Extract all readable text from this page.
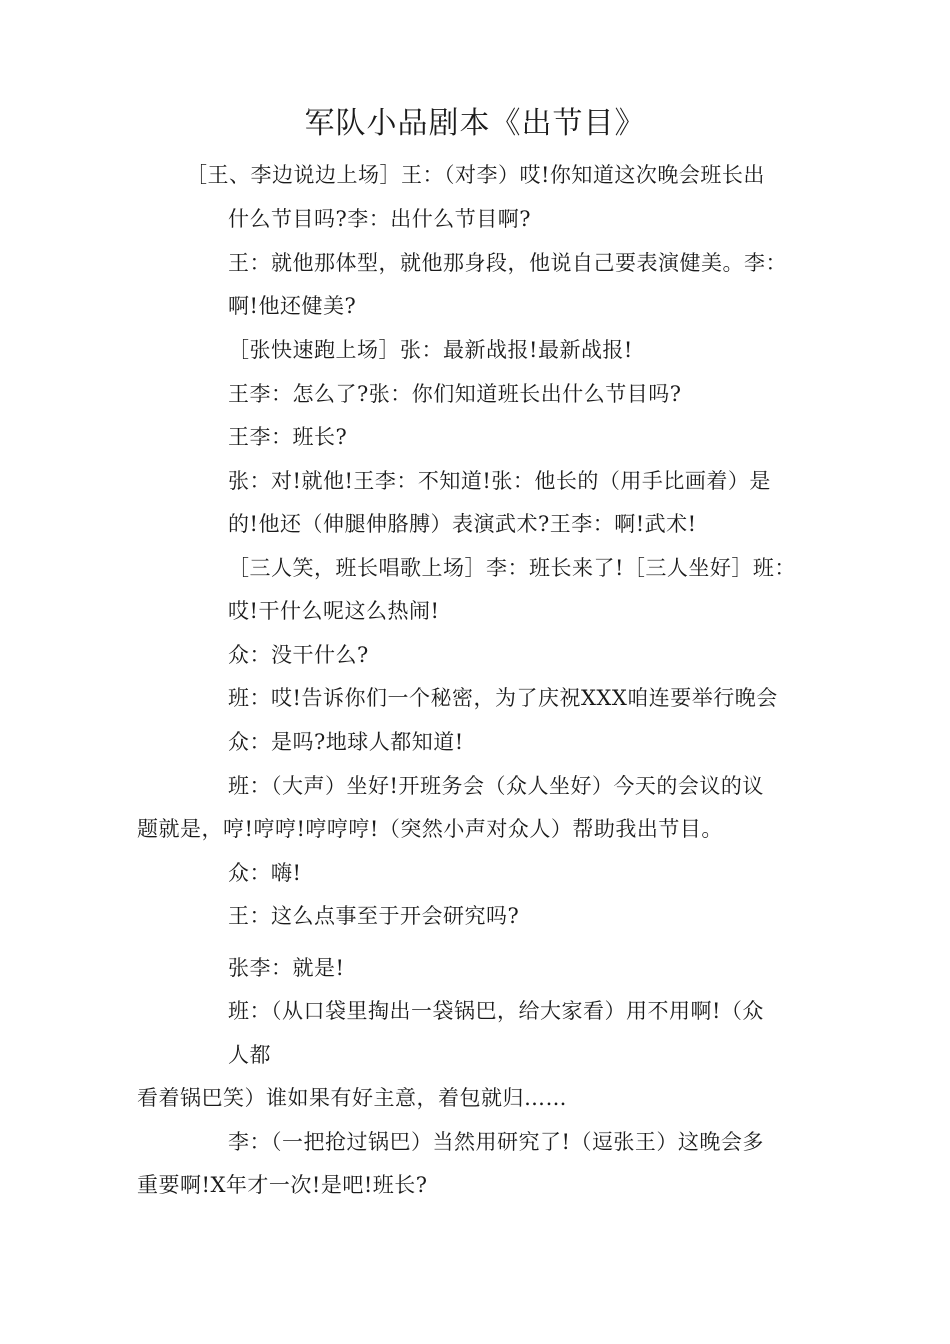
军队小品剧本《出节目》
［王、李边说边上场］王：（对李）哎!你知道这次晚会班长出
什么节目吗?李：出什么节目啊?
王：就他那体型，就他那身段，他说自己要表演健美。李：
啊!他还健美?
［张快速跑上场］张：最新战报!最新战报!
王李：怎么了?张：你们知道班长出什么节目吗?
王李：班长?
张：对!就他!王李：不知道!张：他长的（用手比画着）是
的!他还（伸腿伸胳膊）表演武术?王李：啊!武术!
［三人笑，班长唱歌上场］李：班长来了!［三人坐好］班：
哎!干什么呢这么热闹!
众：没干什么?
班：哎!告诉你们一个秘密，为了庆祝XXX咱连要举行晚会
众：是吗?地球人都知道!
班：（大声）坐好!开班务会（众人坐好）今天的会议的议
题就是，哼!哼哼!哼哼哼!（突然小声对众人）帮助我出节目。
众：嗨!
王：这么点事至于开会研究吗?
张李：就是!
班：（从口袋里掏出一袋锅巴，给大家看）用不用啊!（众
人都
看着锅巴笑）谁如果有好主意，着包就归……
李：（一把抢过锅巴）当然用研究了!（逗张王）这晚会多
重要啊!X年才一次!是吧!班长?
